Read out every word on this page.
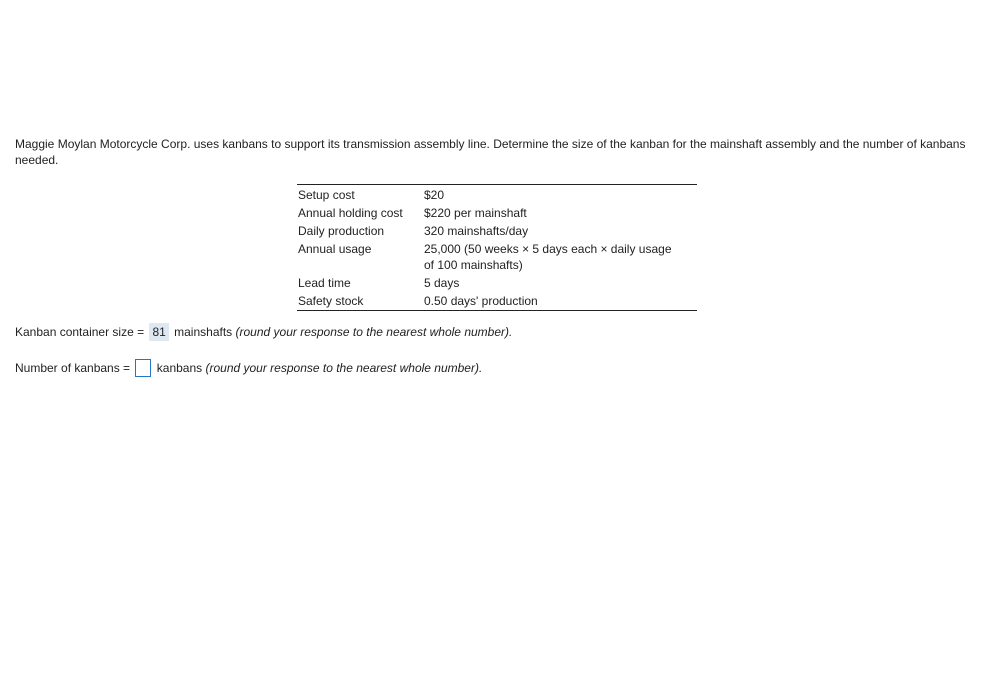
Maggie Moylan Motorcycle Corp. uses kanbans to support its transmission assembly line. Determine the size of the kanban for the mainshaft assembly and the number of kanbans needed.
Setup cost	$20
Annual holding cost	$220 per mainshaft
Daily production	320 mainshafts/day
Annual usage	25,000 (50 weeks × 5 days each × daily usage
of 100 mainshafts)

Lead time	5 days
Safety stock	0.50 days' production
Kanban container size = 81 mainshafts (round your response to the nearest whole number).
Number of kanbans = kanbans (round your response to the nearest whole number).
